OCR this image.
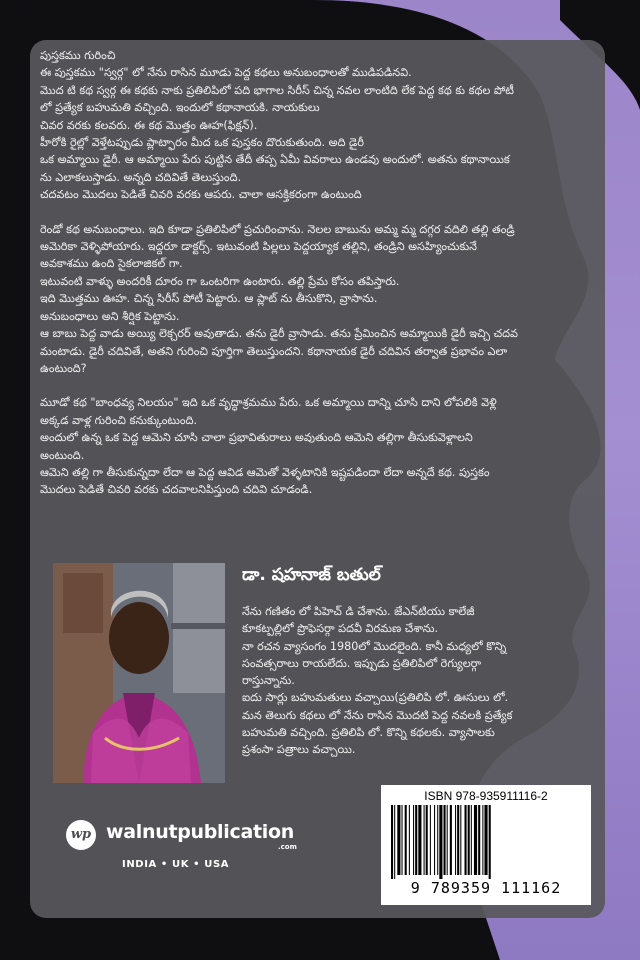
పుస్తకము గురించి

ఈ పుస్తకము "స్వర్గ" లో నేను రాసిన మూడు పెద్ద కథలు అనుబంధాలతో ముడిపడినవి.

మొద టి కథ స్వర్గ ఈ కథకు నాకు ప్రతిలిపిలో పది భాగాల సిరీస్ చిన్న నవల లాంటిది లేక పెద్ద కథ కు కథల పోటీ

లో ప్రత్యేక బహుమతి వచ్చింది. ఇందులో కథానాయకి. నాయకులు

చివర వరకు కలవరు. ఈ కథ మొత్తం ఊహ(ఫిక్షన్).

హీరోకి రైల్లో వెళ్తేటప్పుడు ప్లాట్ఫారం మీద ఒక పుస్తకం దొరుకుతుంది. అది డైరీ

ఒక అమ్మాయి డైరీ. ఆ అమ్మాయి పేరు పుట్టిన తేదీ తప్ప ఏమీ వివరాలు ఉండవు అందులో. అతను కథానాయిక

ను ఎలాకలుస్తాడు. అన్నది చదివితే తెలుస్తుంది.

చదవటం మొదలు పెడితే చివరి వరకు ఆపరు. చాలా ఆసక్తికరంగా ఉంటుంది

రెండో కథ అనుబంధాలు. ఇది కూడా ప్రతిలిపిలో ప్రచురించాను. నెలల బాబును అమ్మ మ్మ దగ్గర వదిలి తల్లి తండ్రి

అమెరికా వెళ్ళిపోయారు. ఇద్దరూ డాక్టర్స్. ఇటువంటి పిల్లలు పెద్దయ్యాక తల్లిని, తండ్రిని అసహ్యించుకునే

అవకాశము ఉంది సైకలాజికల్ గా.

ఇటువంటి వాళ్ళు అందరికీ దూరం గా ఒంటరిగా ఉంటారు. తల్లి ప్రేమ కోసం తపిస్తారు.

ఇది మొత్తము ఊహ. చిన్న సిరీస్ పోటీ పెట్టారు. ఆ ప్లాట్ ను తీసుకొని, వ్రాసాను.

అనుబంధాలు అని శీర్షిక పెట్టాను.

ఆ బాబు పెద్ద వాడు అయ్యి లెక్చరర్ అవుతాడు. తను డైరీ వ్రాసాడు. తను ప్రేమించిన అమ్మాయికి డైరీ ఇచ్చి చదవ

మంటాడు. డైరీ చదివితే, అతని గురించి పూర్తిగా తెలుస్తుందని. కథానాయక డైరీ చదివిన తర్వాత ప్రభావం ఎలా

ఉంటుంది?

మూడో కథ "బాంధవ్య నిలయం" ఇది ఒక వృద్ధాశ్రమము పేరు. ఒక అమ్మాయి దాన్ని చూసి దాని లోపలికి వెళ్లి

అక్కడ వాళ్ల గురించి కనుక్కుంటుంది.

అందులో ఉన్న ఒక పెద్ద ఆమెని చూసి చాలా ప్రభావితురాలు అవుతుంది ఆమెని తల్లిగా తీసుకువెళ్లాలని

అంటుంది.

ఆమెని తల్లి గా తీసుకున్నదా లేదా ఆ పెద్ద ఆవిడ ఆమెతో వెళ్ళటానికి ఇష్టపడిందా లేదా అన్నదే కథ. పుస్తకం

మొదలు పెడితే చివరి వరకు చదవాలనిపిస్తుంది చదివి చూడండి.

డా. షహనాజ్ బతుల్

నేను గణితం లో పిహెచ్ డి చేశాను. జేఎన్‌టియు కాలేజీ

కూకట్పల్లిలో ప్రొఫెసర్గా పదవీ విరమణ చేశాను.

నా రచన వ్యాసంగం 1980లో మొదలైంది. కానీ మధ్యలో కొన్ని

సంవత్సరాలు రాయలేదు. ఇప్పుడు ప్రతిలిపిలో రెగ్యులర్గా

రాస్తున్నాను.

ఐదు సార్లు బహుమతులు వచ్చాయి(ప్రతిలిపి లో. ఊసులు లో.

మన తెలుగు కథలు లో నేను రాసిన మొదటి పెద్ద నవలకి ప్రత్యేక

బహుమతి వచ్చింది. ప్రతిలిపి లో. కొన్ని కథలకు. వ్యాసాలకు

ప్రశంసా పత్రాలు వచ్చాయి.

wp walnutpublication
.com
INDIA • UK • USA
ISBN 978-935911116-2
9 789359 111162
